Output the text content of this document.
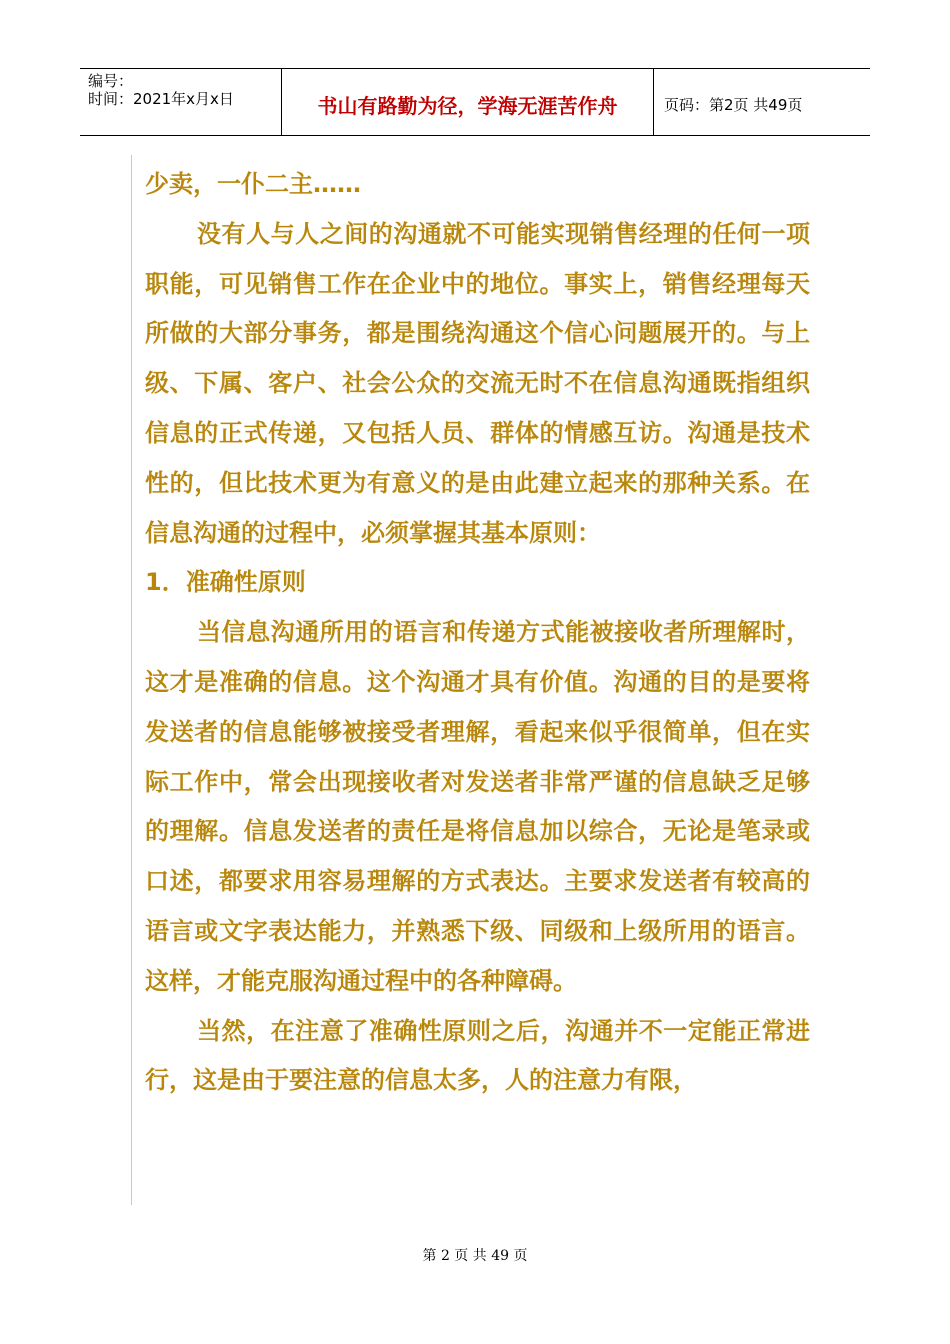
编号：
时间：2021年x月x日	书山有路勤为径，学海无涯苦作舟	页码：第2页 共49页

少卖，一仆二主……

没有人与人之间的沟通就不可能实现销售经理的任何一项职能，可见销售工作在企业中的地位。事实上，销售经理每天所做的大部分事务，都是围绕沟通这个信心问题展开的。与上级、下属、客户、社会公众的交流无时不在信息沟通既指组织信息的正式传递，又包括人员、群体的情感互访。沟通是技术性的，但比技术更为有意义的是由此建立起来的那种关系。在信息沟通的过程中，必须掌握其基本原则：

1．准确性原则

当信息沟通所用的语言和传递方式能被接收者所理解时，这才是准确的信息。这个沟通才具有价值。沟通的目的是要将发送者的信息能够被接受者理解，看起来似乎很简单，但在实际工作中，常会出现接收者对发送者非常严谨的信息缺乏足够的理解。信息发送者的责任是将信息加以综合，无论是笔录或口述，都要求用容易理解的方式表达。主要求发送者有较高的语言或文字表达能力，并熟悉下级、同级和上级所用的语言。这样，才能克服沟通过程中的各种障碍。

当然，在注意了准确性原则之后，沟通并不一定能正常进行，这是由于要注意的信息太多，人的注意力有限，

第 2 页 共 49 页
